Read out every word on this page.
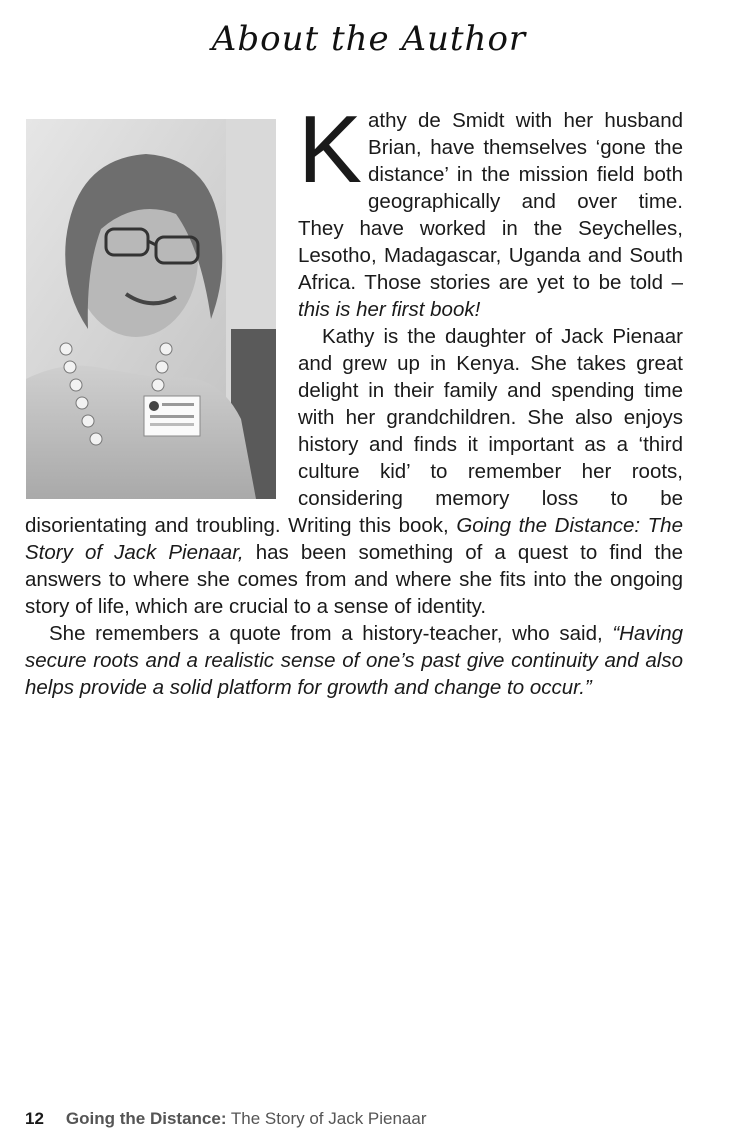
About the Author

Kathy de Smidt with her husband Brian, have themselves ‘gone the distance’ in the mission field both geographically and over time. They have worked in the Seychelles, Lesotho, Madagascar, Uganda and South Africa. Those stories are yet to be told – this is her first book!

Kathy is the daughter of Jack Pienaar and grew up in Kenya. She takes great delight in their family and spending time with her grandchildren. She also enjoys history and finds it important as a ‘third culture kid’ to remember her roots, considering memory loss to be disorientating and troubling. Writing this book, Going the Distance: The Story of Jack Pienaar, has been something of a quest to find the answers to where she comes from and where she fits into the ongoing story of life, which are crucial to a sense of identity.

She remembers a quote from a history-teacher, who said, “Having secure roots and a realistic sense of one’s past give continuity and also helps provide a solid platform for growth and change to occur.”

12 Going the Distance: The Story of Jack Pienaar
